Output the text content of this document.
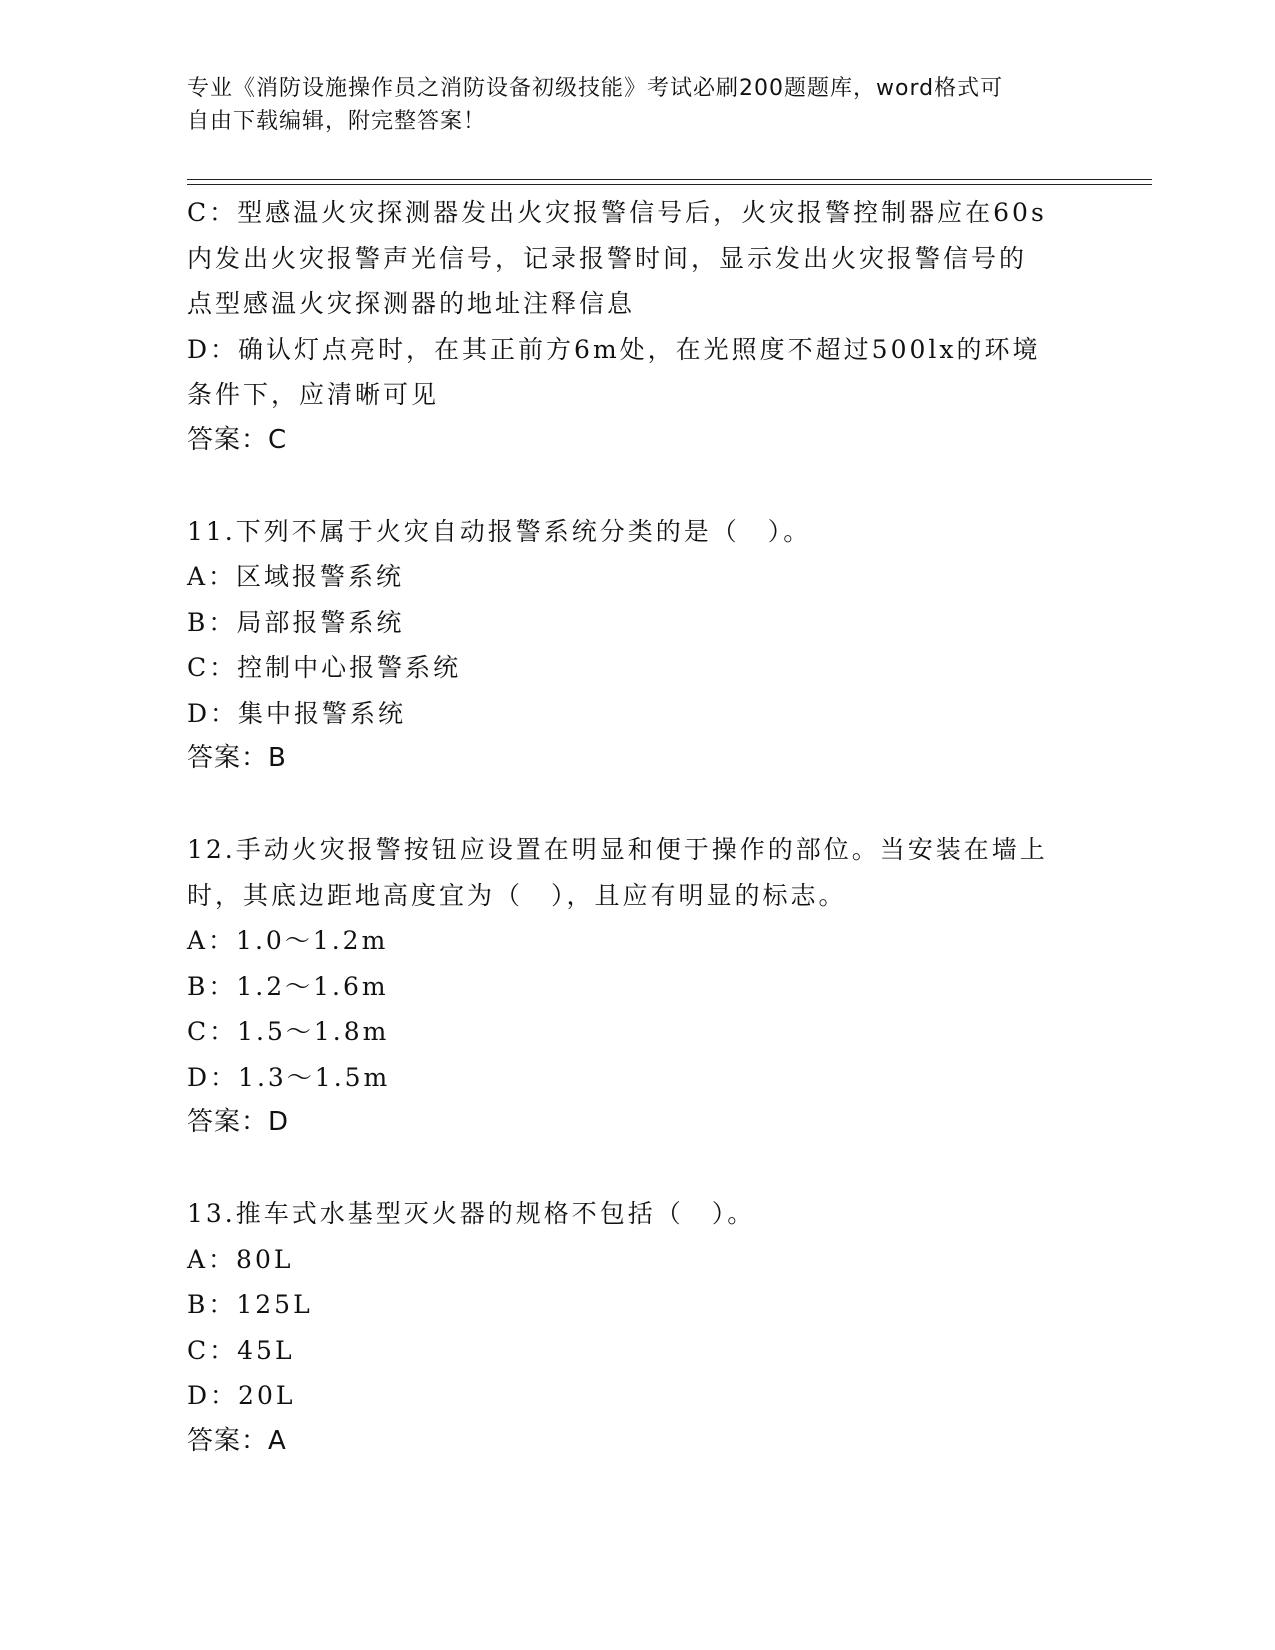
专业《消防设施操作员之消防设备初级技能》考试必刷200题题库，word格式可
自由下载编辑，附完整答案！
C：型感温火灾探测器发出火灾报警信号后，火灾报警控制器应在60s
内发出火灾报警声光信号，记录报警时间，显示发出火灾报警信号的
点型感温火灾探测器的地址注释信息
D：确认灯点亮时，在其正前方6m处，在光照度不超过500lx的环境
条件下，应清晰可见
答案：C
11.下列不属于火灾自动报警系统分类的是（　）。
A：区域报警系统
B：局部报警系统
C：控制中心报警系统
D：集中报警系统
答案：B
12.手动火灾报警按钮应设置在明显和便于操作的部位。当安装在墙上
时，其底边距地高度宜为（　），且应有明显的标志。
A：1.0～1.2m
B：1.2～1.6m
C：1.5～1.8m
D：1.3～1.5m
答案：D
13.推车式水基型灭火器的规格不包括（　）。
A：80L
B：125L
C：45L
D：20L
答案：A
